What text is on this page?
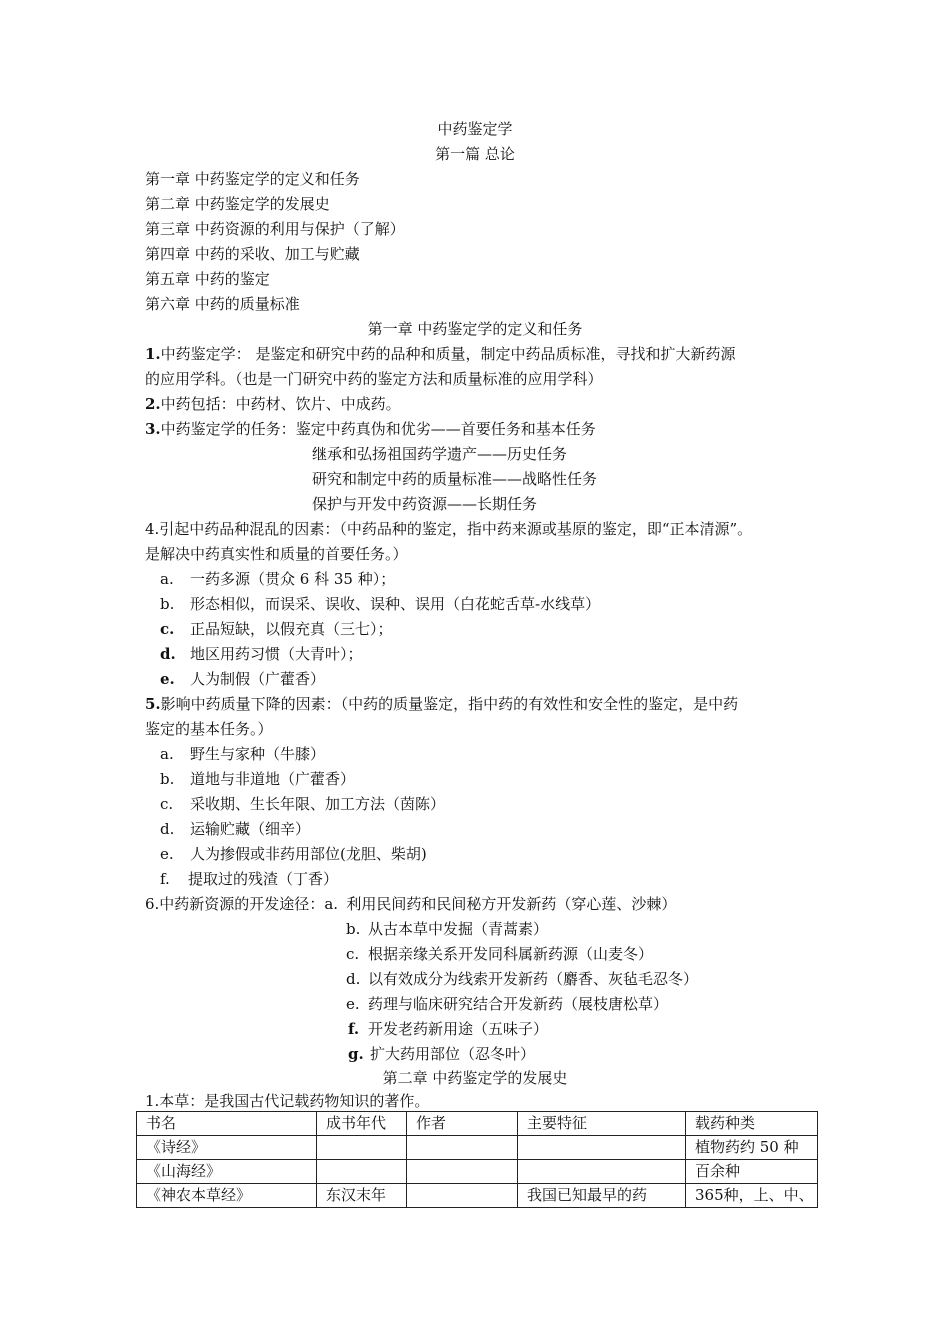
中药鉴定学
第一篇 总论
第一章 中药鉴定学的定义和任务
第二章 中药鉴定学的发展史
第三章 中药资源的利用与保护（了解）
第四章 中药的采收、加工与贮藏
第五章 中药的鉴定
第六章 中药的质量标准
第一章 中药鉴定学的定义和任务
1.中药鉴定学： 是鉴定和研究中药的品种和质量，制定中药品质标准，寻找和扩大新药源
的应用学科。（也是一门研究中药的鉴定方法和质量标准的应用学科）
2.中药包括：中药材、饮片、中成药。
3.中药鉴定学的任务：鉴定中药真伪和优劣——首要任务和基本任务
继承和弘扬祖国药学遗产——历史任务
研究和制定中药的质量标准——战略性任务
保护与开发中药资源——长期任务
4.引起中药品种混乱的因素：（中药品种的鉴定，指中药来源或基原的鉴定，即“正本清源”。
是解决中药真实性和质量的首要任务。）
a. 一药多源（贯众 6 科 35 种）；
b. 形态相似，而误采、误收、误种、误用（白花蛇舌草-水线草）
c. 正品短缺，以假充真（三七）；
d. 地区用药习惯（大青叶）；
e. 人为制假（广藿香）
5.影响中药质量下降的因素：（中药的质量鉴定，指中药的有效性和安全性的鉴定，是中药
鉴定的基本任务。）
a. 野生与家种（牛膝）
b. 道地与非道地（广藿香）
c. 采收期、生长年限、加工方法（茵陈）
d. 运输贮藏（细辛）
e. 人为掺假或非药用部位(龙胆、柴胡)
f. 提取过的残渣（丁香）
6.中药新资源的开发途径：a. 利用民间药和民间秘方开发新药（穿心莲、沙棘）
b. 从古本草中发掘（青蒿素）
c. 根据亲缘关系开发同科属新药源（山麦冬）
d. 以有效成分为线索开发新药（麝香、灰毡毛忍冬）
e. 药理与临床研究结合开发新药（展枝唐松草）
f. 开发老药新用途（五味子）
g. 扩大药用部位（忍冬叶）
第二章 中药鉴定学的发展史
1.本草：是我国古代记载药物知识的著作。
书名	成书年代	作者	主要特征	载药种类
《诗经》				植物药约 50 种
《山海经》				百余种
《神农本草经》	东汉末年		我国已知最早的药	365种，上、中、
